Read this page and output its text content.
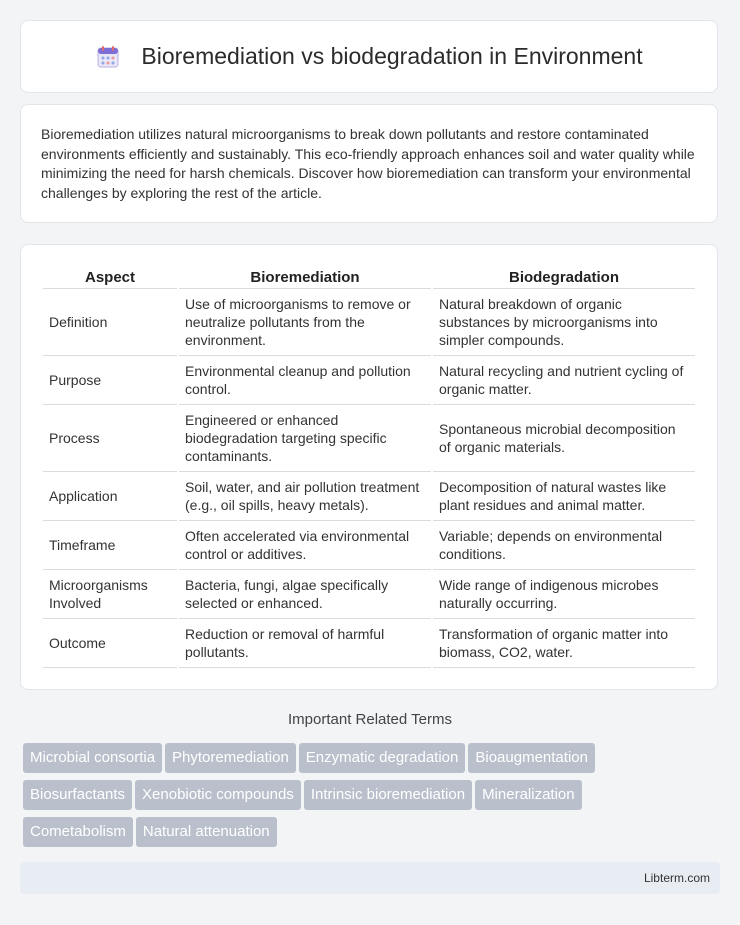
Bioremediation vs biodegradation in Environment

Bioremediation utilizes natural microorganisms to break down pollutants and restore contaminated environments efficiently and sustainably. This eco-friendly approach enhances soil and water quality while minimizing the need for harsh chemicals. Discover how bioremediation can transform your environmental challenges by exploring the rest of the article.

Aspect	Bioremediation	Biodegradation
Definition	Use of microorganisms to remove or neutralize pollutants from the environment.	Natural breakdown of organic substances by microorganisms into simpler compounds.
Purpose	Environmental cleanup and pollution control.	Natural recycling and nutrient cycling of organic matter.
Process	Engineered or enhanced biodegradation targeting specific contaminants.	Spontaneous microbial decomposition of organic materials.
Application	Soil, water, and air pollution treatment (e.g., oil spills, heavy metals).	Decomposition of natural wastes like plant residues and animal matter.
Timeframe	Often accelerated via environmental control or additives.	Variable; depends on environmental conditions.
Microorganisms Involved	Bacteria, fungi, algae specifically selected or enhanced.	Wide range of indigenous microbes naturally occurring.
Outcome	Reduction or removal of harmful pollutants.	Transformation of organic matter into biomass, CO2, water.
Important Related Terms
Microbial consortia Phytoremediation Enzymatic degradation Bioaugmentation
Biosurfactants Xenobiotic compounds Intrinsic bioremediation Mineralization
Cometabolism Natural attenuation
Libterm.com
